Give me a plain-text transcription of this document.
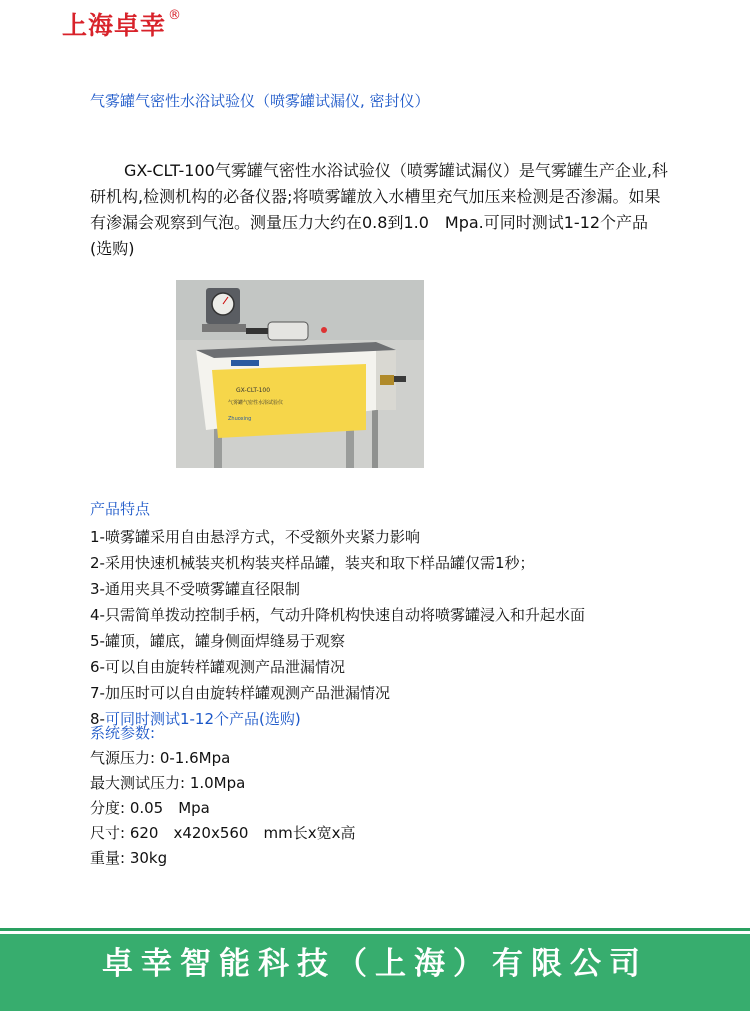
上海卓幸 ®
气雾罐气密性水浴试验仪（喷雾罐试漏仪, 密封仪）
GX-CLT-100气雾罐气密性水浴试验仪（喷雾罐试漏仪）是气雾罐生产企业,科研机构,检测机构的必备仪器;将喷雾罐放入水槽里充气加压来检测是否渗漏。如果有渗漏会观察到气泡。测量压力大约在0.8到1.0　Mpa.可同时测试1-12个产品(选购)
GX-CLT-100
气雾罐气密性水浴试验仪
Zhuoxing
产品特点
1-喷雾罐采用自由悬浮方式，不受额外夹紧力影响
2-采用快速机械装夹机构装夹样品罐，装夹和取下样品罐仅需1秒；
3-通用夹具不受喷雾罐直径限制
4-只需简单拨动控制手柄，气动升降机构快速自动将喷雾罐浸入和升起水面
5-罐顶，罐底，罐身侧面焊缝易于观察
6-可以自由旋转样罐观测产品泄漏情况
7-加压时可以自由旋转样罐观测产品泄漏情况
8-可同时测试1-12个产品(选购)
系统参数:
气源压力: 0-1.6Mpa
最大测试压力: 1.0Mpa
分度: 0.05　Mpa
尺寸: 620　x420x560　mm长x宽x高
重量: 30kg
卓幸智能科技（上海）有限公司
